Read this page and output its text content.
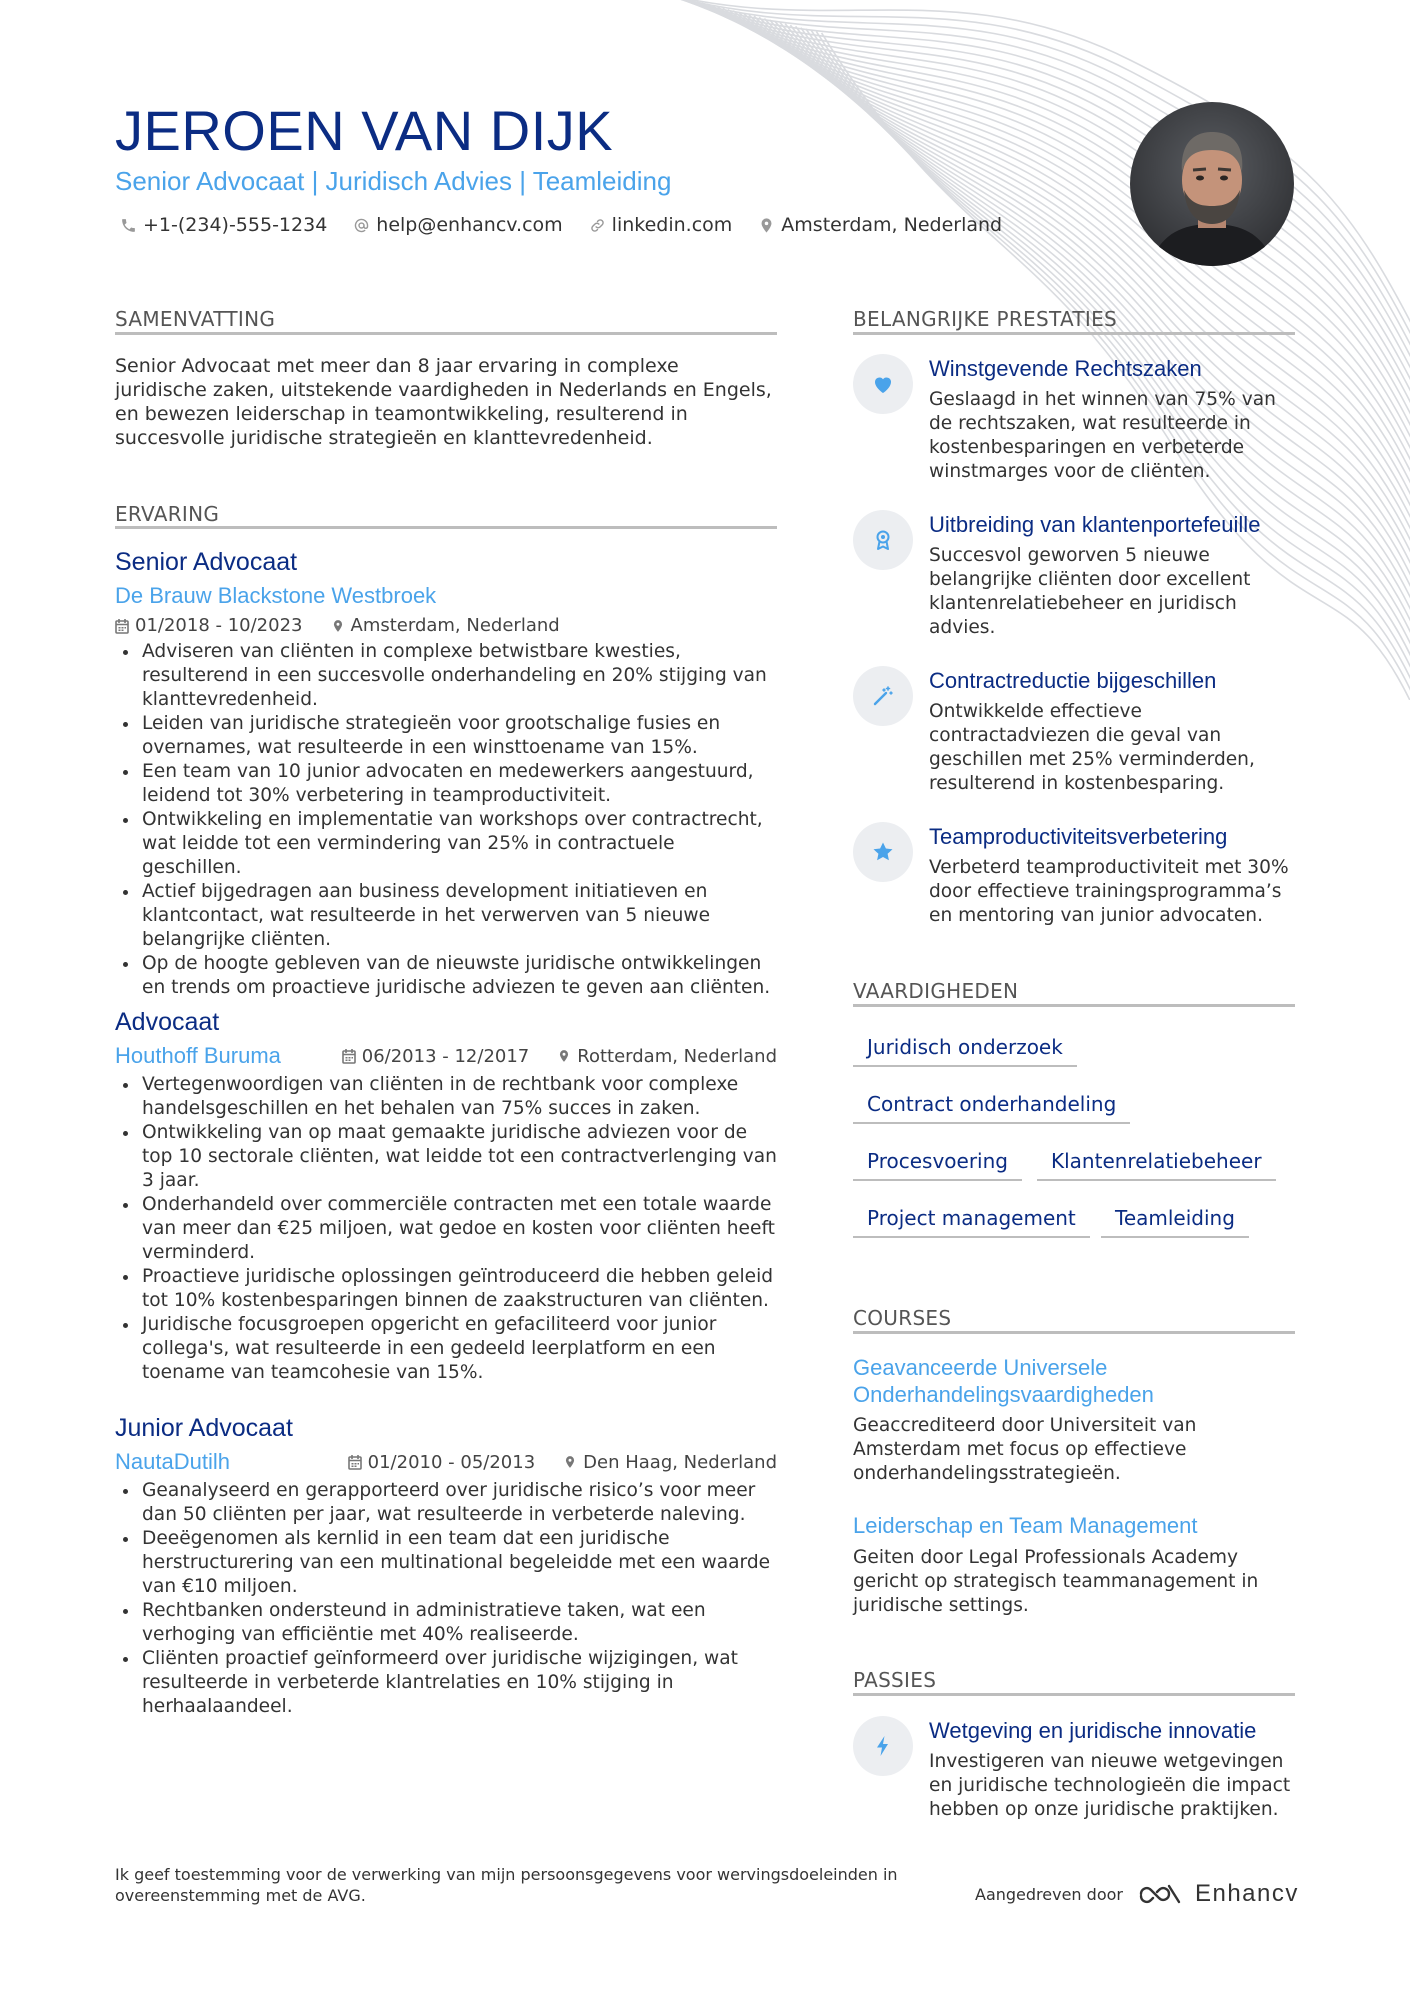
JEROEN VAN DIJK
Senior Advocaat | Juridisch Advies | Teamleiding
+1-(234)-555-1234	help@enhancv.com	linkedin.com	Amsterdam, Nederland
SAMENVATTING
Senior Advocaat met meer dan 8 jaar ervaring in complexe juridische zaken, uitstekende vaardigheden in Nederlands en Engels, en bewezen leiderschap in teamontwikkeling, resulterend in succesvolle juridische strategieën en klanttevredenheid.
ERVARING
Senior Advocaat
De Brauw Blackstone Westbroek
01/2018 - 10/2023	Amsterdam, Nederland
Adviseren van cliënten in complexe betwistbare kwesties, resulterend in een succesvolle onderhandeling en 20% stijging van klanttevredenheid.
Leiden van juridische strategieën voor grootschalige fusies en overnames, wat resulteerde in een winsttoename van 15%.
Een team van 10 junior advocaten en medewerkers aangestuurd, leidend tot 30% verbetering in teamproductiviteit.
Ontwikkeling en implementatie van workshops over contractrecht, wat leidde tot een vermindering van 25% in contractuele geschillen.
Actief bijgedragen aan business development initiatieven en klantcontact, wat resulteerde in het verwerven van 5 nieuwe belangrijke cliënten.
Op de hoogte gebleven van de nieuwste juridische ontwikkelingen en trends om proactieve juridische adviezen te geven aan cliënten.
Advocaat
Houthoff Buruma	06/2013 - 12/2017	Rotterdam, Nederland
Vertegenwoordigen van cliënten in de rechtbank voor complexe handelsgeschillen en het behalen van 75% succes in zaken.
Ontwikkeling van op maat gemaakte juridische adviezen voor de top 10 sectorale cliënten, wat leidde tot een contractverlenging van 3 jaar.
Onderhandeld over commerciële contracten met een totale waarde van meer dan €25 miljoen, wat gedoe en kosten voor cliënten heeft verminderd.
Proactieve juridische oplossingen geïntroduceerd die hebben geleid tot 10% kostenbesparingen binnen de zaakstructuren van cliënten.
Juridische focusgroepen opgericht en gefaciliteerd voor junior collega's, wat resulteerde in een gedeeld leerplatform en een toename van teamcohesie van 15%.
Junior Advocaat
NautaDutilh	01/2010 - 05/2013	Den Haag, Nederland
Geanalyseerd en gerapporteerd over juridische risico’s voor meer dan 50 cliënten per jaar, wat resulteerde in verbeterde naleving.
Deeëgenomen als kernlid in een team dat een juridische herstructurering van een multinational begeleidde met een waarde van €10 miljoen.
Rechtbanken ondersteund in administratieve taken, wat een verhoging van efficiëntie met 40% realiseerde.
Cliënten proactief geïnformeerd over juridische wijzigingen, wat resulteerde in verbeterde klantrelaties en 10% stijging in herhaalaandeel.
BELANGRIJKE PRESTATIES
Winstgevende Rechtszaken
Geslaagd in het winnen van 75% van de rechtszaken, wat resulteerde in kostenbesparingen en verbeterde winstmarges voor de cliënten.
Uitbreiding van klantenportefeuille
Succesvol geworven 5 nieuwe belangrijke cliënten door excellent klantenrelatiebeheer en juridisch advies.
Contractreductie bijgeschillen
Ontwikkelde effectieve contractadviezen die geval van geschillen met 25% verminderden, resulterend in kostenbesparing.
Teamproductiviteitsverbetering
Verbeterd teamproductiviteit met 30% door effectieve trainingsprogramma’s en mentoring van junior advocaten.
VAARDIGHEDEN
Juridisch onderzoek
Contract onderhandeling
Procesvoering	Klantenrelatiebeheer
Project management	Teamleiding
COURSES
Geavanceerde Universele Onderhandelingsvaardigheden
Geaccrediteerd door Universiteit van Amsterdam met focus op effectieve onderhandelingsstrategieën.
Leiderschap en Team Management
Geiten door Legal Professionals Academy gericht op strategisch teammanagement in juridische settings.
PASSIES
Wetgeving en juridische innovatie
Investigeren van nieuwe wetgevingen en juridische technologieën die impact hebben op onze juridische praktijken.
Ik geef toestemming voor de verwerking van mijn persoonsgegevens voor wervingsdoeleinden in overeenstemming met de AVG.	Aangedreven door	Enhancv
